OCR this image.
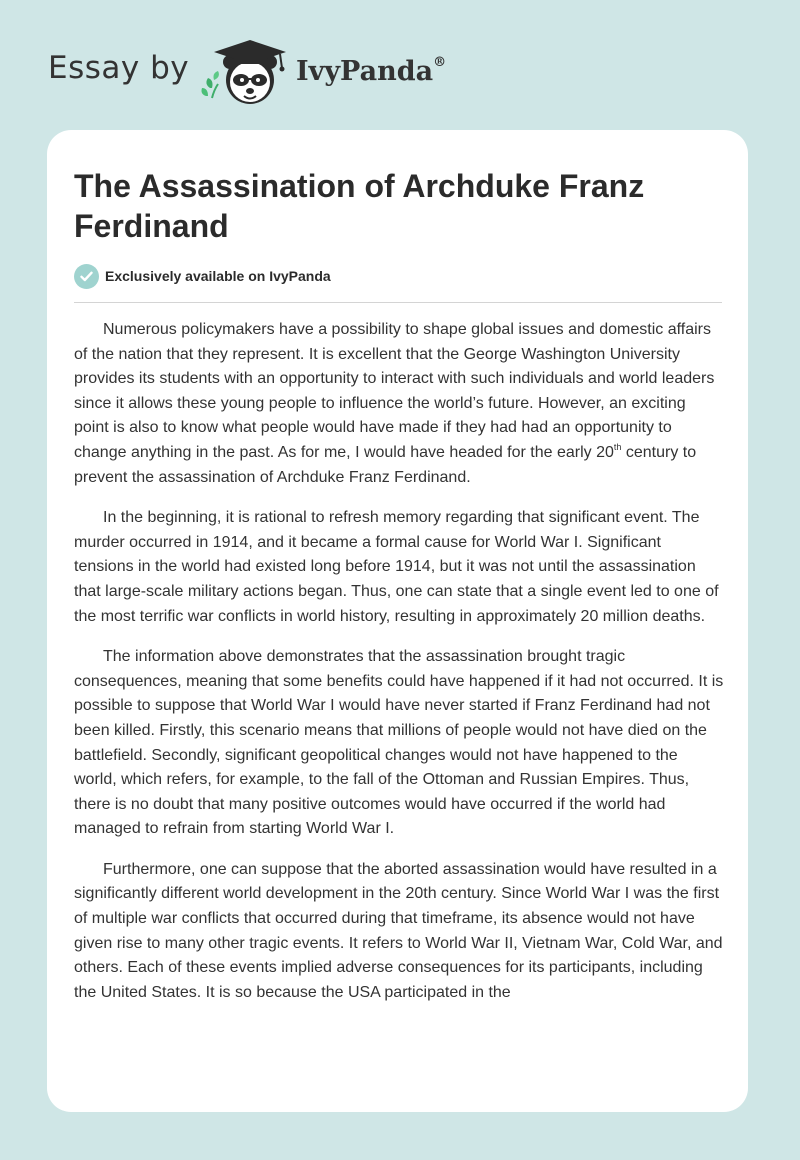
Essay by	IvyPanda®
The Assassination of Archduke Franz Ferdinand
Exclusively available on IvyPanda

Numerous policymakers have a possibility to shape global issues and domestic affairs of the nation that they represent. It is excellent that the George Washington University provides its students with an opportunity to interact with such individuals and world leaders since it allows these young people to influence the world’s future. However, an exciting point is also to know what people would have made if they had had an opportunity to change anything in the past. As for me, I would have headed for the early 20th century to prevent the assassination of Archduke Franz Ferdinand.

In the beginning, it is rational to refresh memory regarding that significant event. The murder occurred in 1914, and it became a formal cause for World War I. Significant tensions in the world had existed long before 1914, but it was not until the assassination that large-scale military actions began. Thus, one can state that a single event led to one of the most terrific war conflicts in world history, resulting in approximately 20 million deaths.

The information above demonstrates that the assassination brought tragic consequences, meaning that some benefits could have happened if it had not occurred. It is possible to suppose that World War I would have never started if Franz Ferdinand had not been killed. Firstly, this scenario means that millions of people would not have died on the battlefield. Secondly, significant geopolitical changes would not have happened to the world, which refers, for example, to the fall of the Ottoman and Russian Empires. Thus, there is no doubt that many positive outcomes would have occurred if the world had managed to refrain from starting World War I.

Furthermore, one can suppose that the aborted assassination would have resulted in a significantly different world development in the 20th century. Since World War I was the first of multiple war conflicts that occurred during that timeframe, its absence would not have given rise to many other tragic events. It refers to World War II, Vietnam War, Cold War, and others. Each of these events implied adverse consequences for its participants, including the United States. It is so because the USA participated in the
